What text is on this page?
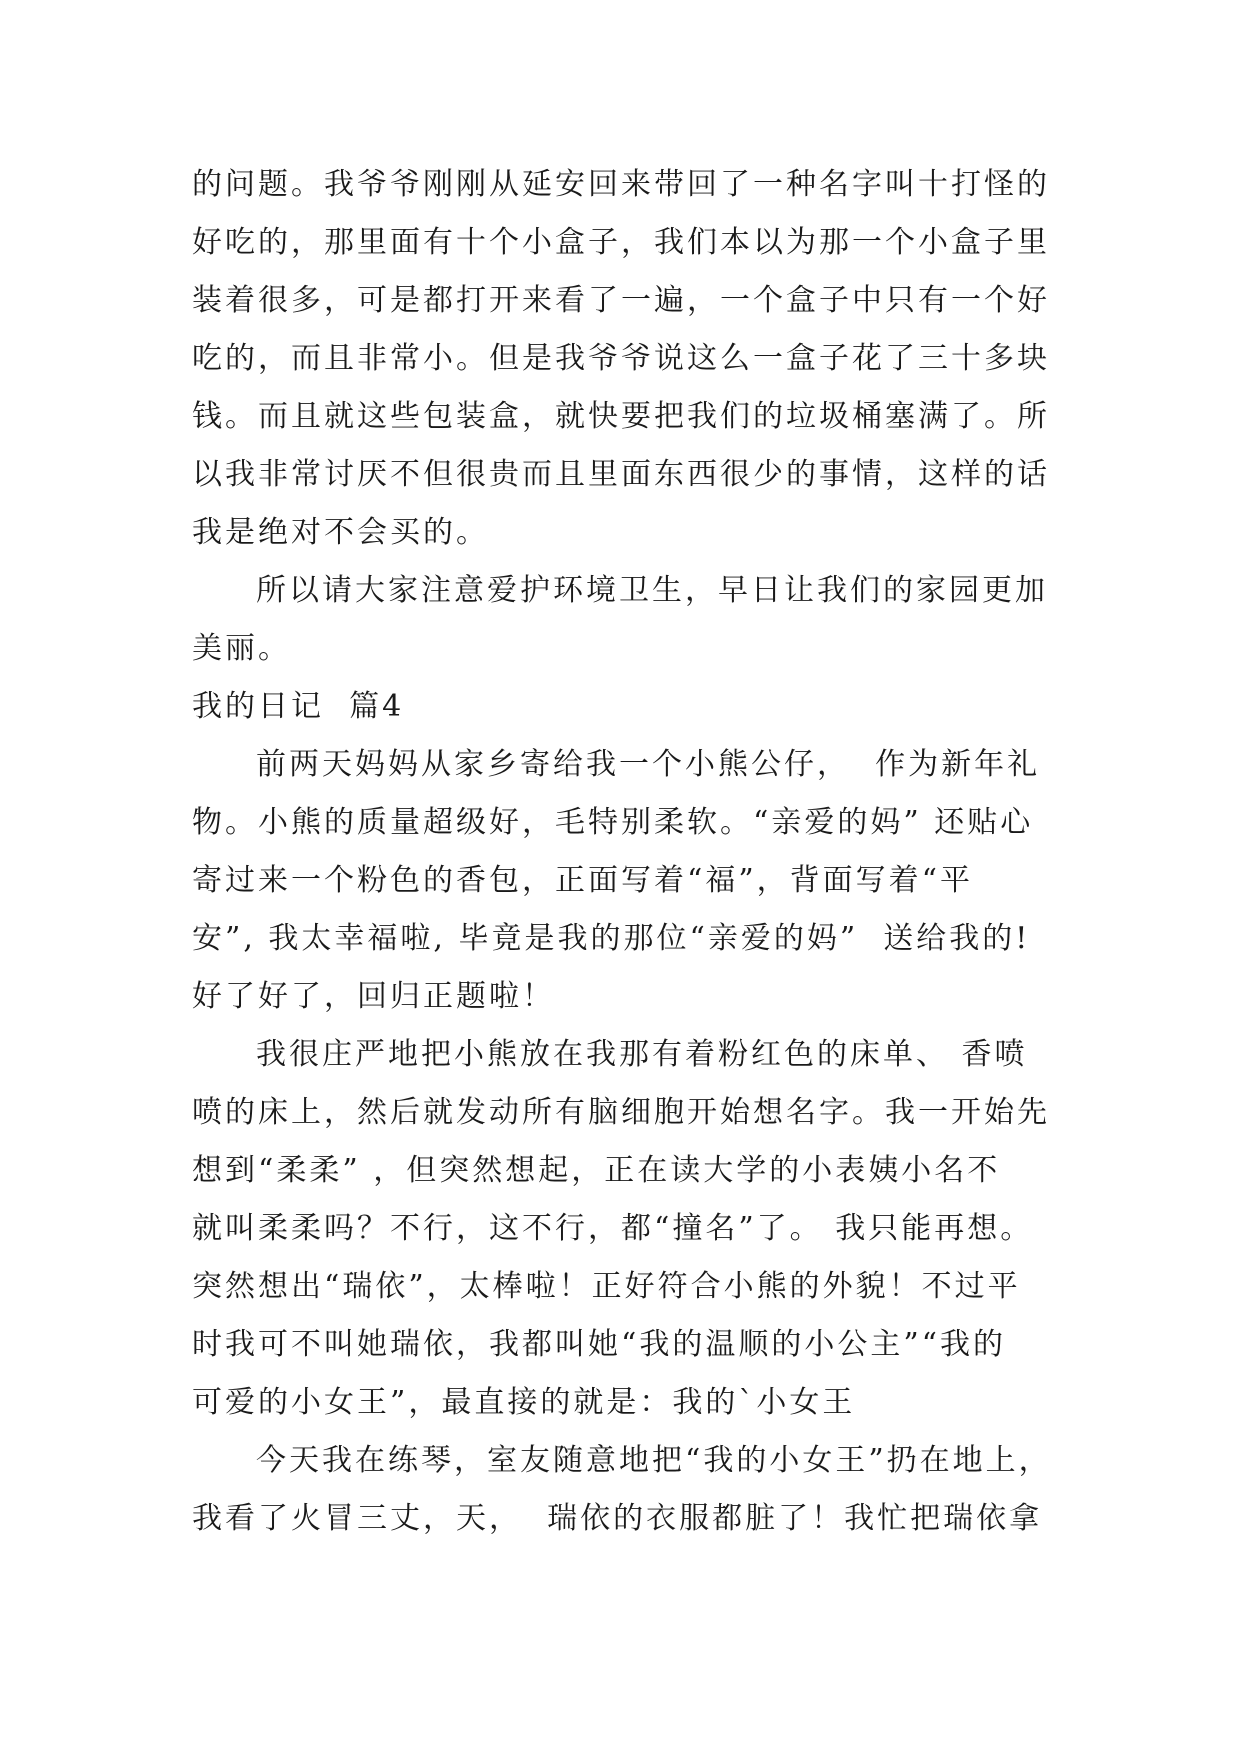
的问题。我爷爷刚刚从延安回来带回了一种名字叫十打怪的
好吃的，那里面有十个小盒子，我们本以为那一个小盒子里
装着很多，可是都打开来看了一遍，一个盒子中只有一个好
吃的，而且非常小。但是我爷爷说这么一盒子花了三十多块
钱。而且就这些包装盒，就快要把我们的垃圾桶塞满了。所
以我非常讨厌不但很贵而且里面东西很少的事情，这样的话
我是绝对不会买的。
所以请大家注意爱护环境卫生，早日让我们的家园更加
美丽。
我的日记  篇4
前两天妈妈从家乡寄给我一个小熊公仔，  作为新年礼
物。小熊的质量超级好，毛特别柔软。“亲爱的妈” 还贴心
寄过来一个粉色的香包，正面写着“福”，背面写着“平
安”, 我太幸福啦, 毕竟是我的那位“亲爱的妈”  送给我的!
好了好了，回归正题啦！
我很庄严地把小熊放在我那有着粉红色的床单、 香喷
喷的床上，然后就发动所有脑细胞开始想名字。我一开始先
想到“柔柔” ，但突然想起，正在读大学的小表姨小名不
就叫柔柔吗？不行，这不行，都“撞名”了。 我只能再想。
突然想出“瑞依”，太棒啦！正好符合小熊的外貌！不过平
时我可不叫她瑞依，我都叫她“我的温顺的小公主”“我的
可爱的小女王”，最直接的就是：我的`小女王
今天我在练琴，室友随意地把“我的小女王”扔在地上，
我看了火冒三丈，天，  瑞依的衣服都脏了！我忙把瑞依拿
